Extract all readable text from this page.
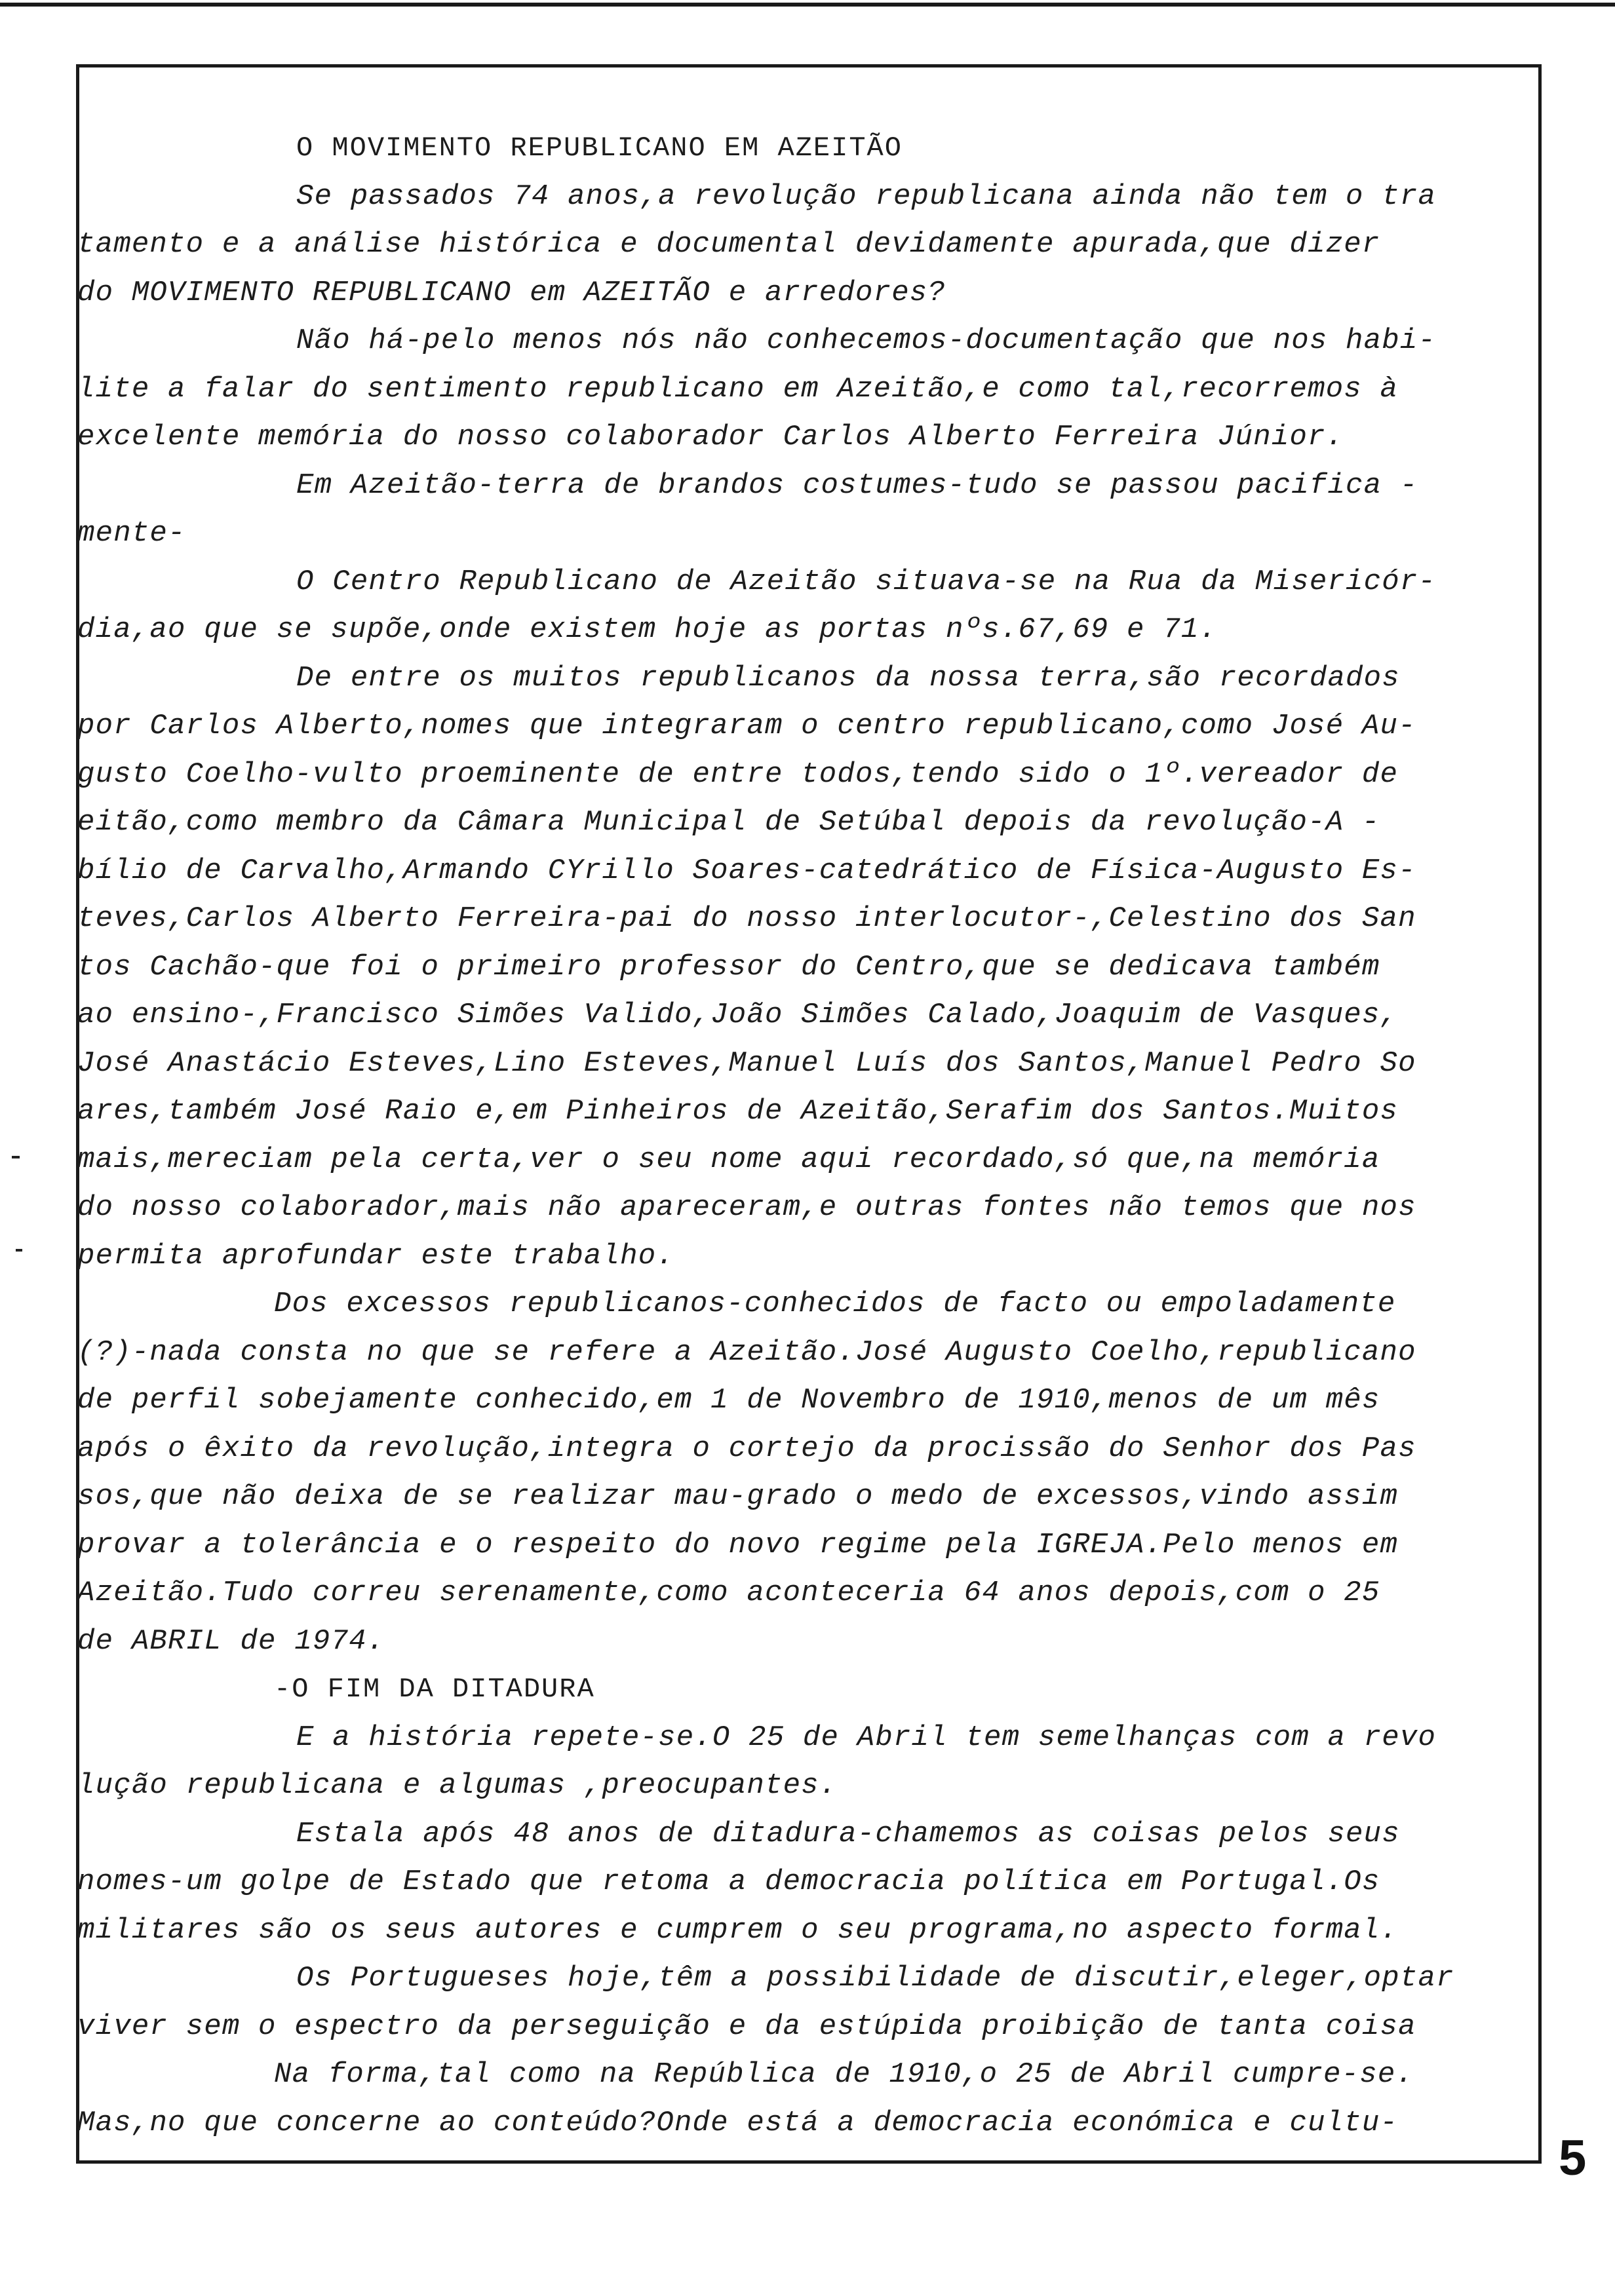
O MOVIMENTO REPUBLICANO EM AZEITÃO
Se passados 74 anos,a revolução republicana ainda não tem o tra
tamento e a análise histórica e documental devidamente apurada,que dizer
do MOVIMENTO REPUBLICANO em AZEITÃO e arredores?
Não há-pelo menos nós não conhecemos-documentação que nos habi-
lite a falar do sentimento republicano em Azeitão,e como tal,recorremos à
excelente memória do nosso colaborador Carlos Alberto Ferreira Júnior.
Em Azeitão-terra de brandos costumes-tudo se passou pacifica -
mente-
O Centro Republicano de Azeitão situava-se na Rua da Misericór-
dia,ao que se supõe,onde existem hoje as portas nºs.67,69 e 71.
De entre os muitos republicanos da nossa terra,são recordados
por Carlos Alberto,nomes que integraram o centro republicano,como José Au-
gusto Coelho-vulto proeminente de entre todos,tendo sido o 1º.vereador de
eitão,como membro da Câmara Municipal de Setúbal depois da revolução-A -
bílio de Carvalho,Armando CYrillo Soares-catedrático de Física-Augusto Es-
teves,Carlos Alberto Ferreira-pai do nosso interlocutor-,Celestino dos San
tos Cachão-que foi o primeiro professor do Centro,que se dedicava também
ao ensino-,Francisco Simões Valido,João Simões Calado,Joaquim de Vasques,
José Anastácio Esteves,Lino Esteves,Manuel Luís dos Santos,Manuel Pedro So
ares,também José Raio e,em Pinheiros de Azeitão,Serafim dos Santos.Muitos
mais,mereciam pela certa,ver o seu nome aqui recordado,só que,na memória
do nosso colaborador,mais não apareceram,e outras fontes não temos que nos
permita aprofundar este trabalho.
Dos excessos republicanos-conhecidos de facto ou empoladamente
(?)-nada consta no que se refere a Azeitão.José Augusto Coelho,republicano
de perfil sobejamente conhecido,em 1 de Novembro de 1910,menos de um mês
após o êxito da revolução,integra o cortejo da procissão do Senhor dos Pas
sos,que não deixa de se realizar mau-grado o medo de excessos,vindo assim
provar a tolerância e o respeito do novo regime pela IGREJA.Pelo menos em
Azeitão.Tudo correu serenamente,como aconteceria 64 anos depois,com o 25
de ABRIL de 1974.
-O FIM DA DITADURA
E a história repete-se.O 25 de Abril tem semelhanças com a revo
lução republicana e algumas ,preocupantes.
Estala após 48 anos de ditadura-chamemos as coisas pelos seus
nomes-um golpe de Estado que retoma a democracia política em Portugal.Os
militares são os seus autores e cumprem o seu programa,no aspecto formal.
Os Portugueses hoje,têm a possibilidade de discutir,eleger,optar
viver sem o espectro da perseguição e da estúpida proibição de tanta coisa
Na forma,tal como na República de 1910,o 25 de Abril cumpre-se.
Mas,no que concerne ao conteúdo?Onde está a democracia económica e cultu-
5
